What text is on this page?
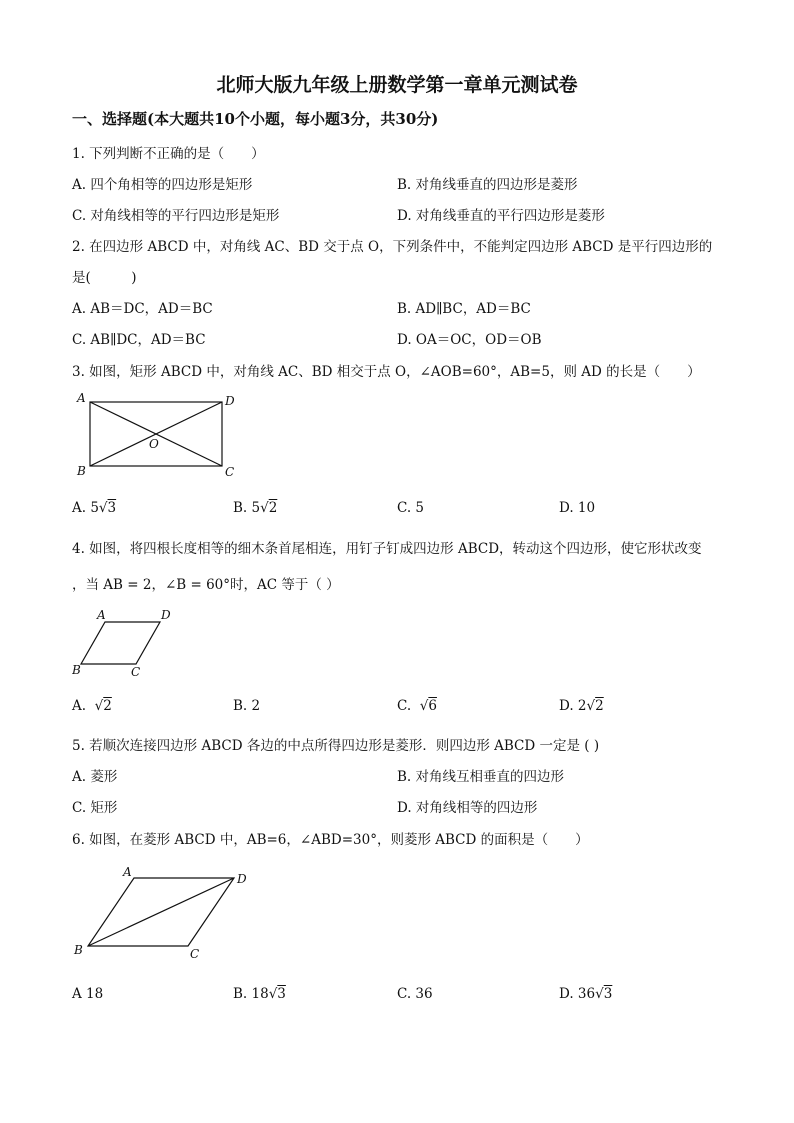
北师大版九年级上册数学第一章单元测试卷
一、选择题(本大题共10个小题，每小题3分，共30分)
1. 下列判断不正确的是（　　）
A. 四个角相等的四边形是矩形	B. 对角线垂直的四边形是菱形
C. 对角线相等的平行四边形是矩形	D. 对角线垂直的平行四边形是菱形
2. 在四边形 ABCD 中，对角线 AC、BD 交于点 O，下列条件中，不能判定四边形 ABCD 是平行四边形的
是(　　　)
A. AB＝DC，AD＝BC	B. AD∥BC，AD＝BC
C. AB∥DC，AD＝BC	D. OA＝OC，OD＝OB
3. 如图，矩形 ABCD 中，对角线 AC、BD 相交于点 O，∠AOB=60°，AB=5，则 AD 的长是（　　）
A	D
O
B	C
A. 5√3	B. 5√2	C. 5	D. 10
4. 如图，将四根长度相等的细木条首尾相连，用钉子钉成四边形 ABCD，转动这个四边形，使它形状改变
，当 AB = 2，∠B = 60°时，AC 等于（ ）
A	D
B	C
A. √2	B. 2	C. √6	D. 2√2
5. 若顺次连接四边形 ABCD 各边的中点所得四边形是菱形．则四边形 ABCD 一定是 ( )
A. 菱形	B. 对角线互相垂直的四边形
C. 矩形	D. 对角线相等的四边形
6. 如图，在菱形 ABCD 中，AB=6，∠ABD=30°，则菱形 ABCD 的面积是（　　）
A	D
B	C
A 18	B. 18√3	C. 36	D. 36√3
